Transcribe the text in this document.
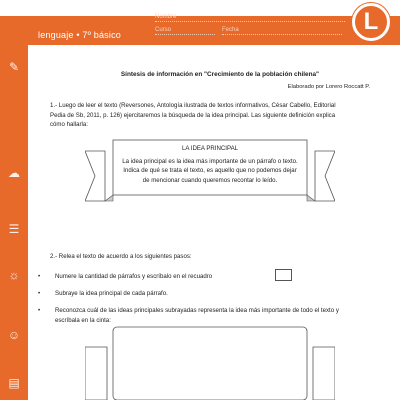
lenguaje • 7º básico
Nombre
Curso	Fecha	L
✎
☁
☰
☼
☺
▤
Síntesis de información en "Crecimiento de la población chilena"
Elaborado por Lorero Roccatt P.
1.- Luego de leer el texto (Reversones, Antología ilustrada de textos informativos, César Cabello, Editorial Pedia de Sb, 2011, p. 126) ejercitaremos la búsqueda de la idea principal. Las siguiente definición explica cómo hallarla:
LA IDEA PRINCIPAL
La idea principal es la idea más importante de un párrafo o texto. Indica de qué se trata el texto, es aquello que no podemos dejar de mencionar cuando queremos recontar lo leído.
2.- Relea el texto de acuerdo a los siguientes pasos:
• Numere la cantidad de párrafos y escríbalo en el recuadro
• Subraye la idea principal de cada párrafo.
• Reconozca cuál de las ideas principales subrayadas representa la idea más importante de todo el texto y escríbala en la cinta:
